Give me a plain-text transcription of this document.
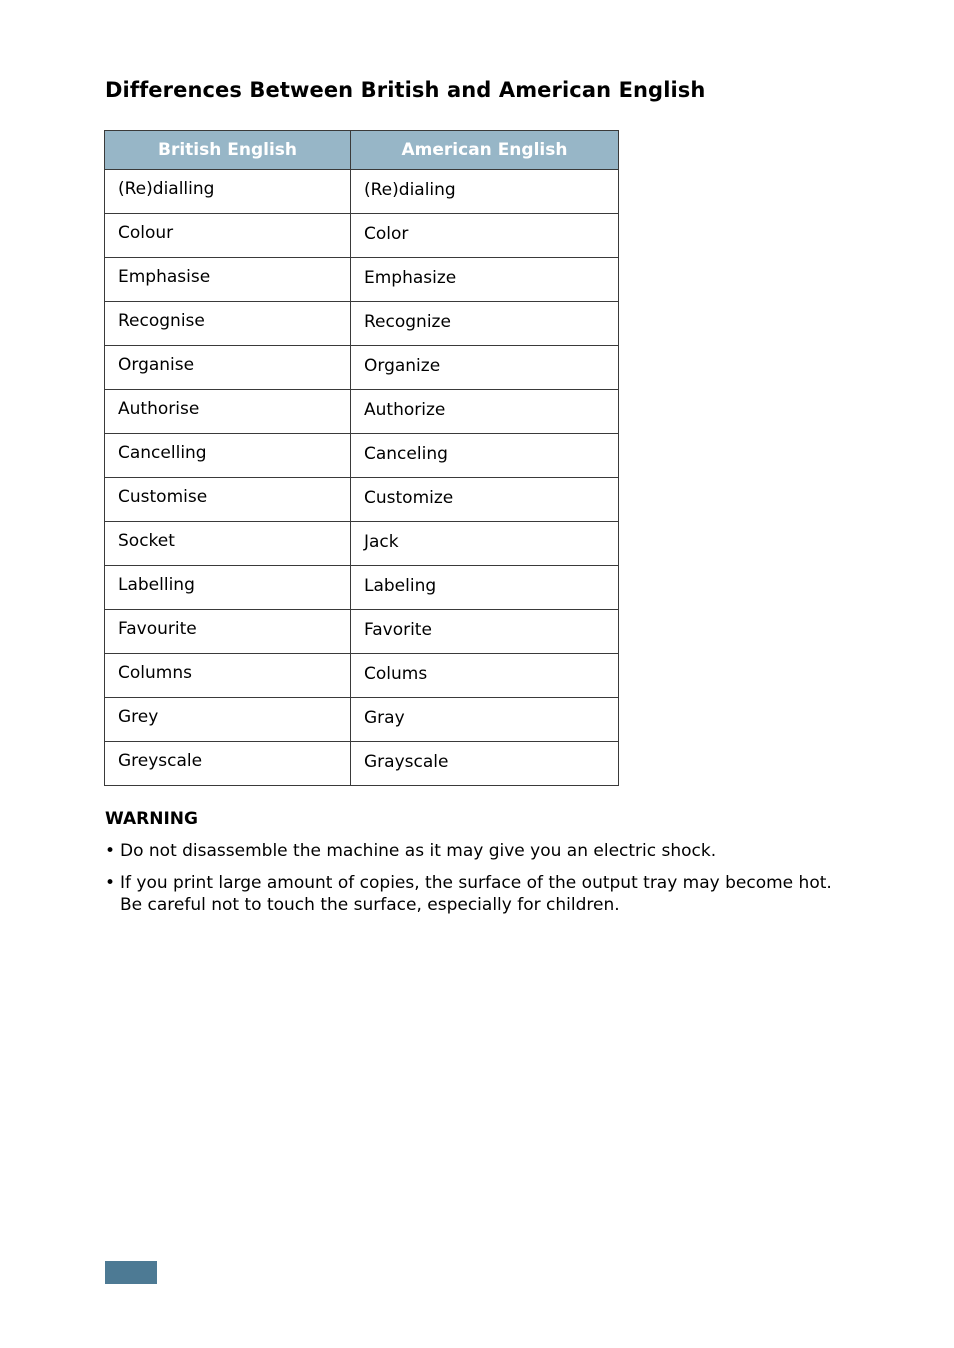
Differences Between British and American English
British English	American English
(Re)dialling	(Re)dialing
Colour	Color
Emphasise	Emphasize
Recognise	Recognize
Organise	Organize
Authorise	Authorize
Cancelling	Canceling
Customise	Customize
Socket	Jack
Labelling	Labeling
Favourite	Favorite
Columns	Colums
Grey	Gray
Greyscale	Grayscale
WARNING
• Do not disassemble the machine as it may give you an electric shock.
• If you print large amount of copies, the surface of the output tray may become hot. Be careful not to touch the surface, especially for children.
